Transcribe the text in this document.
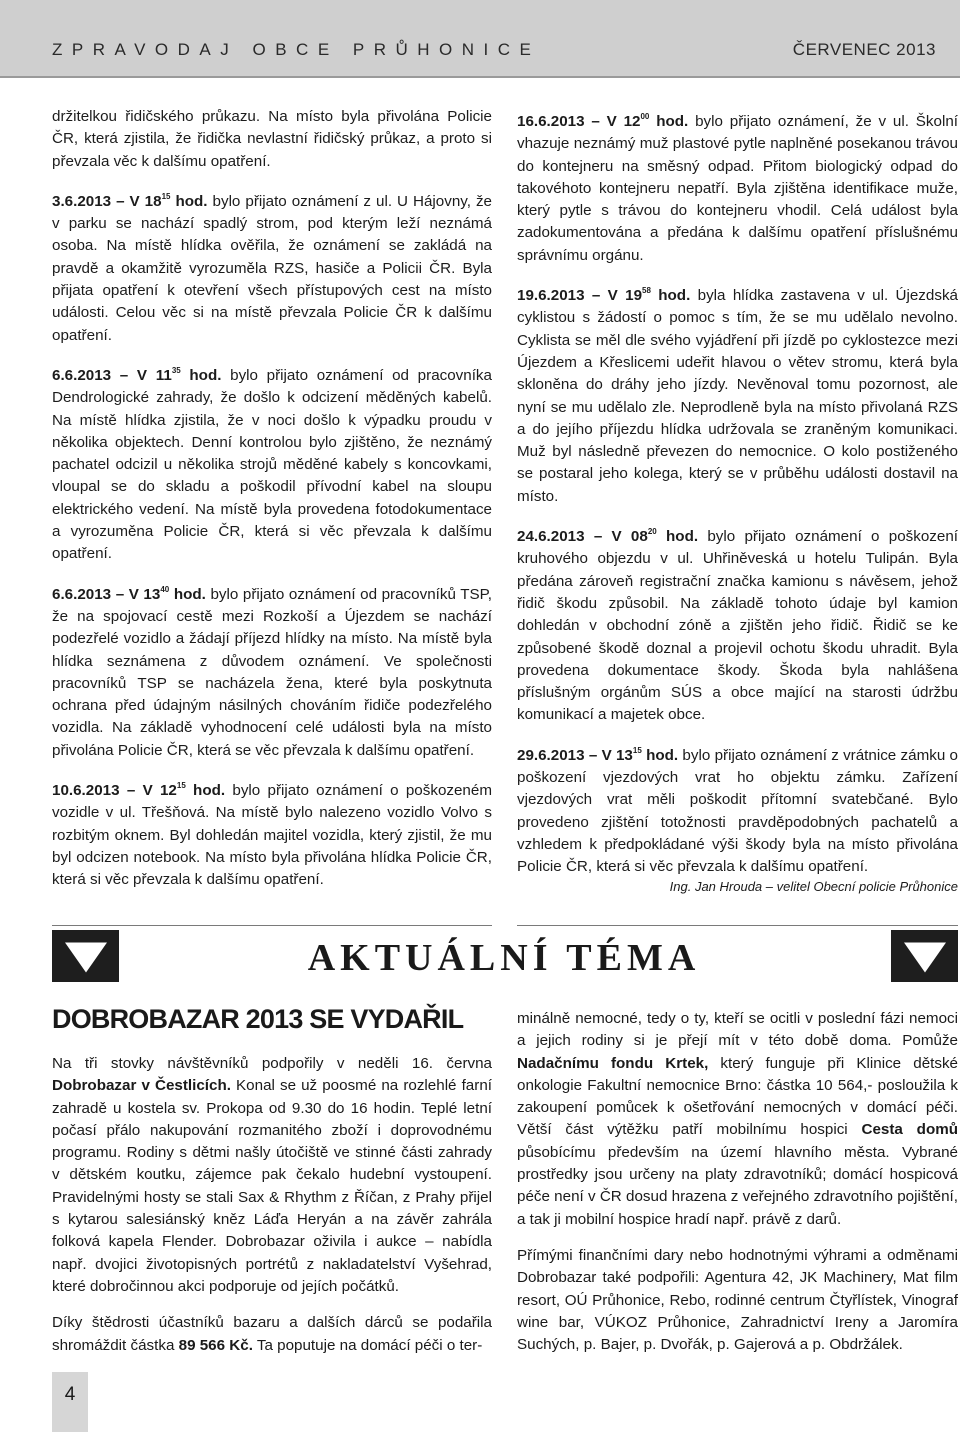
ZPRAVODAJ OBCE PRŮHONICE	ČERVENEC 2013

držitelkou řidičského průkazu. Na místo byla přivolána Policie ČR, která zjistila, že řidička nevlastní řidičský průkaz, a proto si převzala věc k dalšímu opatření.

3.6.2013 – V $18^{15}$ hod. bylo přijato oznámení z ul. U Hájovny, že v parku se nachází spadlý strom, pod kterým leží neznámá osoba. Na místě hlídka ověřila, že oznámení se zakládá na pravdě a okamžitě vyrozuměla RZS, hasiče a Policii ČR. Byla přijata opatření k otevření všech přístupových cest na místo události. Celou věc si na místě převzala Policie ČR k dalšímu opatření.

6.6.2013 – V $11^{35}$ hod. bylo přijato oznámení od pracovníka Dendrologické zahrady, že došlo k odcizení měděných kabelů. Na místě hlídka zjistila, že v noci došlo k výpadku proudu v několika objektech. Denní kontrolou bylo zjištěno, že neznámý pachatel odcizil u několika strojů měděné kabely s koncovkami, vloupal se do skladu a poškodil přívodní kabel na sloupu elektrického vedení. Na místě byla provedena fotodokumentace a vyrozuměna Policie ČR, která si věc převzala k dalšímu opatření.

6.6.2013 – V $13^{40}$ hod. bylo přijato oznámení od pracovníků TSP, že na spojovací cestě mezi Rozkoší a Újezdem se nachází podezřelé vozidlo a žádají příjezd hlídky na místo. Na místě byla hlídka seznámena z důvodem oznámení. Ve společnosti pracovníků TSP se nacházela žena, které byla poskytnuta ochrana před údajným násilných chováním řidiče podezřelého vozidla. Na základě vyhodnocení celé události byla na místo přivolána Policie ČR, která se věc převzala k dalšímu opatření.

10.6.2013 – V $12^{15}$ hod. bylo přijato oznámení o poškozeném vozidle v ul. Třešňová. Na místě bylo nalezeno vozidlo Volvo s rozbitým oknem. Byl dohledán majitel vozidla, který zjistil, že mu byl odcizen notebook. Na místo byla přivolána hlídka Policie ČR, která si věc převzala k dalšímu opatření.

16.6.2013 – V $12^{00}$ hod. bylo přijato oznámení, že v ul. Školní vhazuje neznámý muž plastové pytle naplněné posekanou trávou do kontejneru na směsný odpad. Přitom biologický odpad do takovéhoto kontejneru nepatří. Byla zjištěna identifikace muže, který pytle s trávou do kontejneru vhodil. Celá událost byla zadokumentována a předána k dalšímu opatření příslušnému správnímu orgánu.

19.6.2013 – V $19^{58}$ hod. byla hlídka zastavena v ul. Újezdská cyklistou s žádostí o pomoc s tím, že se mu udělalo nevolno. Cyklista se měl dle svého vyjádření při jízdě po cyklostezce mezi Újezdem a Křeslicemi udeřit hlavou o větev stromu, která byla skloněna do dráhy jeho jízdy. Nevěnoval tomu pozornost, ale nyní se mu udělalo zle. Neprodleně byla na místo přivolaná RZS a do jejího příjezdu hlídka udržovala se zraněným komunikaci. Muž byl následně převezen do nemocnice. O kolo postiženého se postaral jeho kolega, který se v průběhu události dostavil na místo.

24.6.2013 – V $08^{20}$ hod. bylo přijato oznámení o poškození kruhového objezdu v ul. Uhřiněveská u hotelu Tulipán. Byla předána zároveň registrační značka kamionu s návěsem, jehož řidič škodu způsobil. Na základě tohoto údaje byl kamion dohledán v obchodní zóně a zjištěn jeho řidič. Řidič se ke způsobené škodě doznal a projevil ochotu škodu uhradit. Byla provedena dokumentace škody. Škoda byla nahlášena příslušným orgánům SÚS a obce mající na starosti údržbu komunikací a majetek obce.

29.6.2013 – V $13^{15}$ hod. bylo přijato oznámení z vrátnice zámku o poškození vjezdových vrat ho objektu zámku. Zařízení vjezdových vrat měli poškodit přítomní svatebčané. Bylo provedeno zjištění totožnosti pravděpodobných pachatelů a vzhledem k předpokládané výši škody byla na místo přivolána Policie ČR, která si věc převzala k dalšímu opatření.

Ing. Jan Hrouda – velitel Obecní policie Průhonice
AKTUÁLNÍ TÉMA
DOBROBAZAR 2013 SE VYDAŘIL

Na tři stovky návštěvníků podpořily v neděli 16. června Dobrobazar v Čestlicích. Konal se už poosmé na rozlehlé farní zahradě u kostela sv. Prokopa od 9.30 do 16 hodin. Teplé letní počasí přálo nakupování rozmanitého zboží i doprovodnému programu. Rodiny s dětmi našly útočiště ve stinné části zahrady v dětském koutku, zájemce pak čekalo hudební vystoupení. Pravidelnými hosty se stali Sax & Rhythm z Říčan, z Prahy přijel s kytarou salesiánský kněz Láďa Heryán a na závěr zahrála folková kapela Flender. Dobrobazar oživila i aukce – nabídla např. dvojici životopisných portrétů z nakladatelství Vyšehrad, které dobročinnou akci podporuje od jejích počátků.

Díky štědrosti účastníků bazaru a dalších dárců se podařila shromáždit částka 89 566 Kč. Ta poputuje na domácí péči o ter-

minálně nemocné, tedy o ty, kteří se ocitli v poslední fázi nemoci a jejich rodiny si je přejí mít v této době doma. Pomůže Nadačnímu fondu Krtek, který funguje při Klinice dětské onkologie Fakultní nemocnice Brno: částka 10 564,- posloužila k zakoupení pomůcek k ošetřování nemocných v domácí péči. Větší část výtěžku patří mobilnímu hospici Cesta domů působícímu především na území hlavního města. Vybrané prostředky jsou určeny na platy zdravotníků; domácí hospicová péče není v ČR dosud hrazena z veřejného zdravotního pojištění, a tak ji mobilní hospice hradí např. právě z darů.

Přímými finančními dary nebo hodnotnými výhrami a odměnami Dobrobazar také podpořili: Agentura 42, JK Machinery, Mat film resort, OÚ Průhonice, Rebo, rodinné centrum Čtyřlístek, Vinograf wine bar, VÚKOZ Průhonice, Zahradnictví Ireny a Jaromíra Suchých, p. Bajer, p. Dvořák, p. Gajerová a p. Obdržálek.

4
